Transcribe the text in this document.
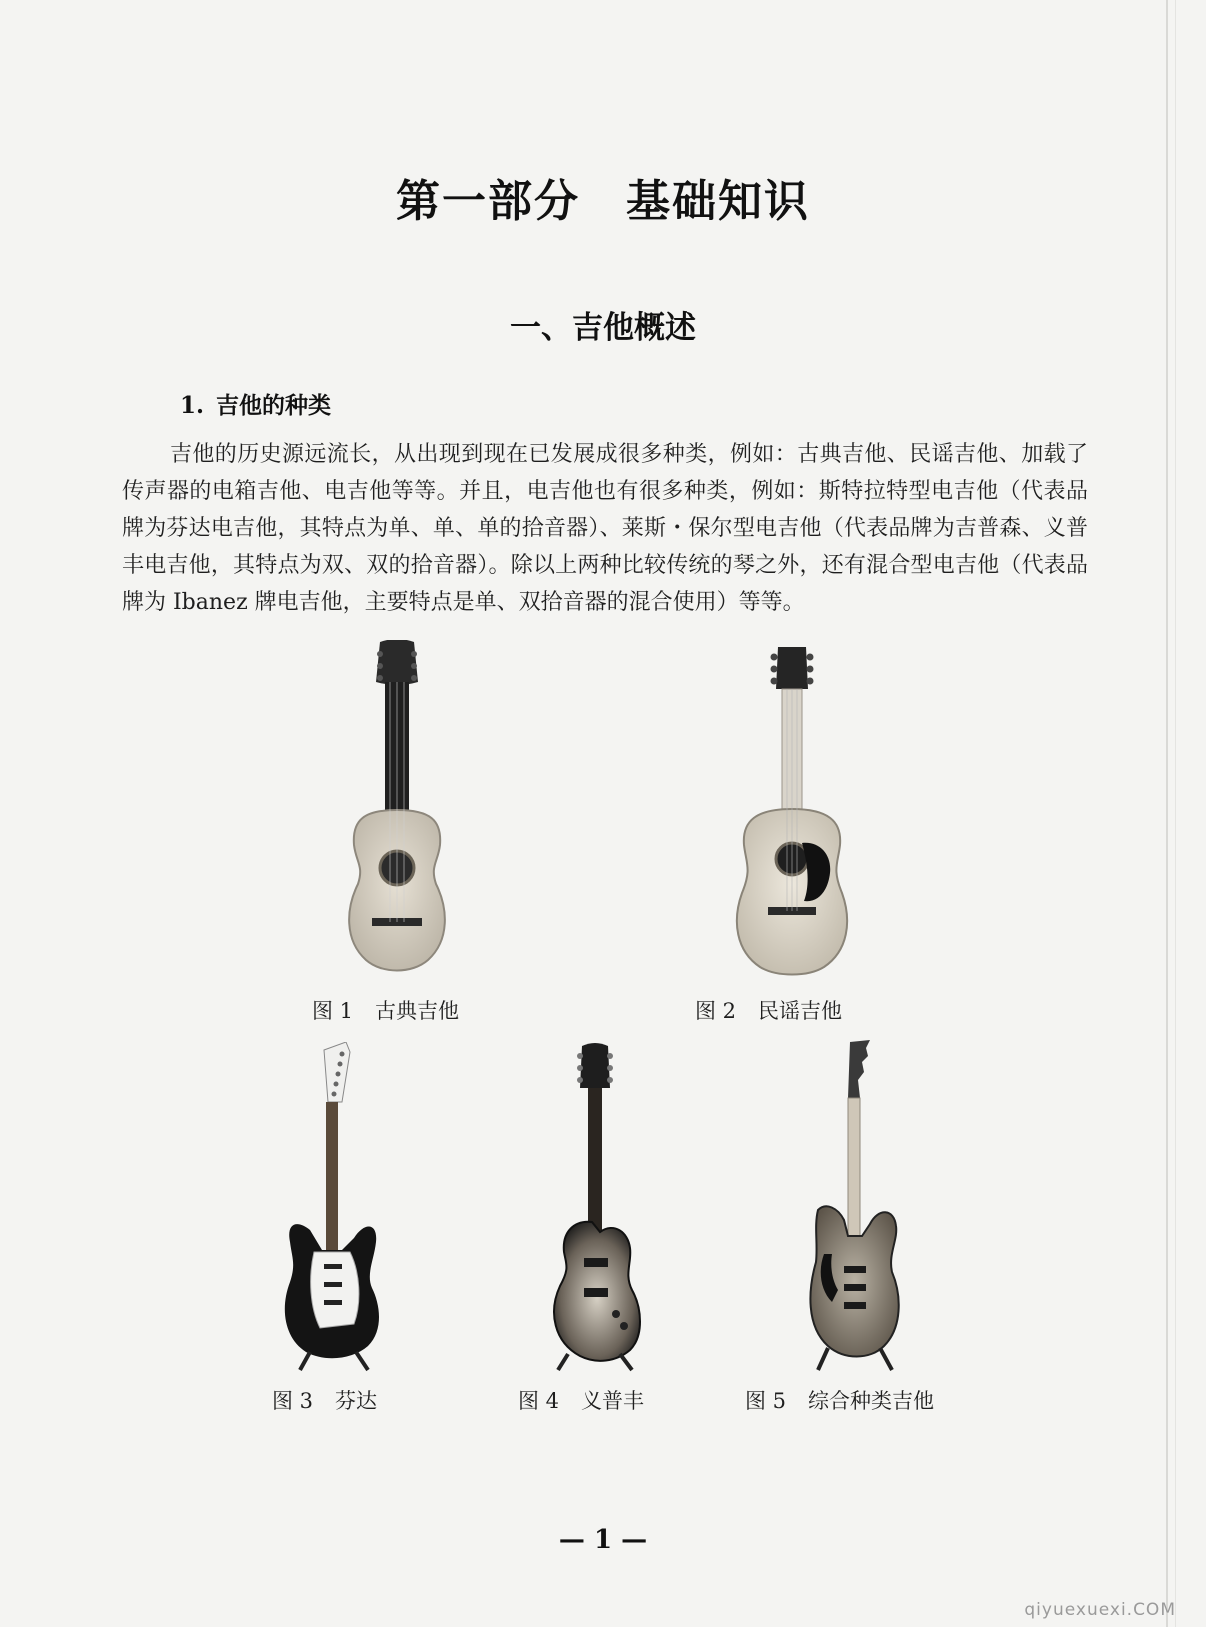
第一部分 基础知识
一、吉他概述
1. 吉他的种类

吉他的历史源远流长，从出现到现在已发展成很多种类，例如：古典吉他、民谣吉他、加载了传声器的电箱吉他、电吉他等等。并且，电吉他也有很多种类，例如：斯特拉特型电吉他（代表品牌为芬达电吉他，其特点为单、单、单的拾音器）、莱斯・保尔型电吉他（代表品牌为吉普森、义普丰电吉他，其特点为双、双的拾音器）。除以上两种比较传统的琴之外，还有混合型电吉他（代表品牌为 Ibanez 牌电吉他，主要特点是单、双拾音器的混合使用）等等。

图 1 古典吉他	图 2 民谣吉他
图 3 芬达	图 4 义普丰	图 5 综合种类吉他
— 1 —
qiyuexuexi.COM
